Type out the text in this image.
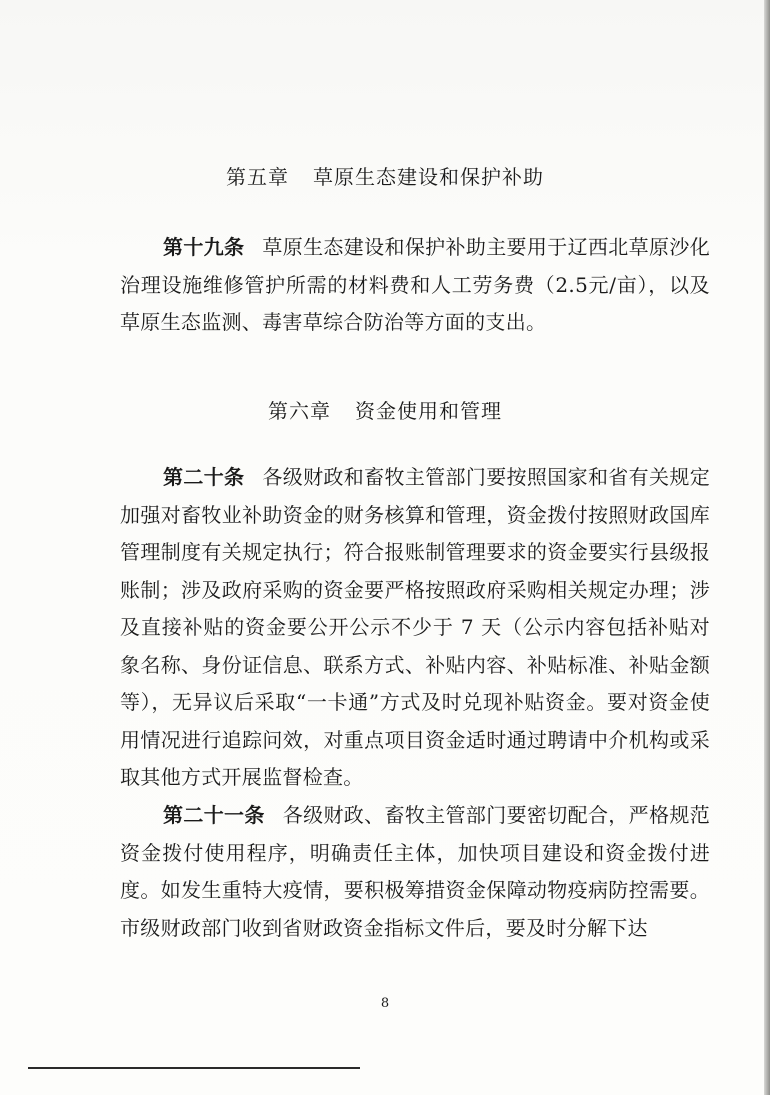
第五章 草原生态建设和保护补助
第十九条 草原生态建设和保护补助主要用于辽西北草原沙化治理设施维修管护所需的材料费和人工劳务费（2.5元/亩），以及草原生态监测、毒害草综合防治等方面的支出。
第六章 资金使用和管理
第二十条 各级财政和畜牧主管部门要按照国家和省有关规定加强对畜牧业补助资金的财务核算和管理，资金拨付按照财政国库管理制度有关规定执行；符合报账制管理要求的资金要实行县级报账制；涉及政府采购的资金要严格按照政府采购相关规定办理；涉及直接补贴的资金要公开公示不少于 7 天（公示内容包括补贴对象名称、身份证信息、联系方式、补贴内容、补贴标准、补贴金额等），无异议后采取“一卡通”方式及时兑现补贴资金。要对资金使用情况进行追踪问效，对重点项目资金适时通过聘请中介机构或采取其他方式开展监督检查。
第二十一条 各级财政、畜牧主管部门要密切配合，严格规范资金拨付使用程序，明确责任主体，加快项目建设和资金拨付进度。如发生重特大疫情，要积极筹措资金保障动物疫病防控需要。市级财政部门收到省财政资金指标文件后，要及时分解下达
8
